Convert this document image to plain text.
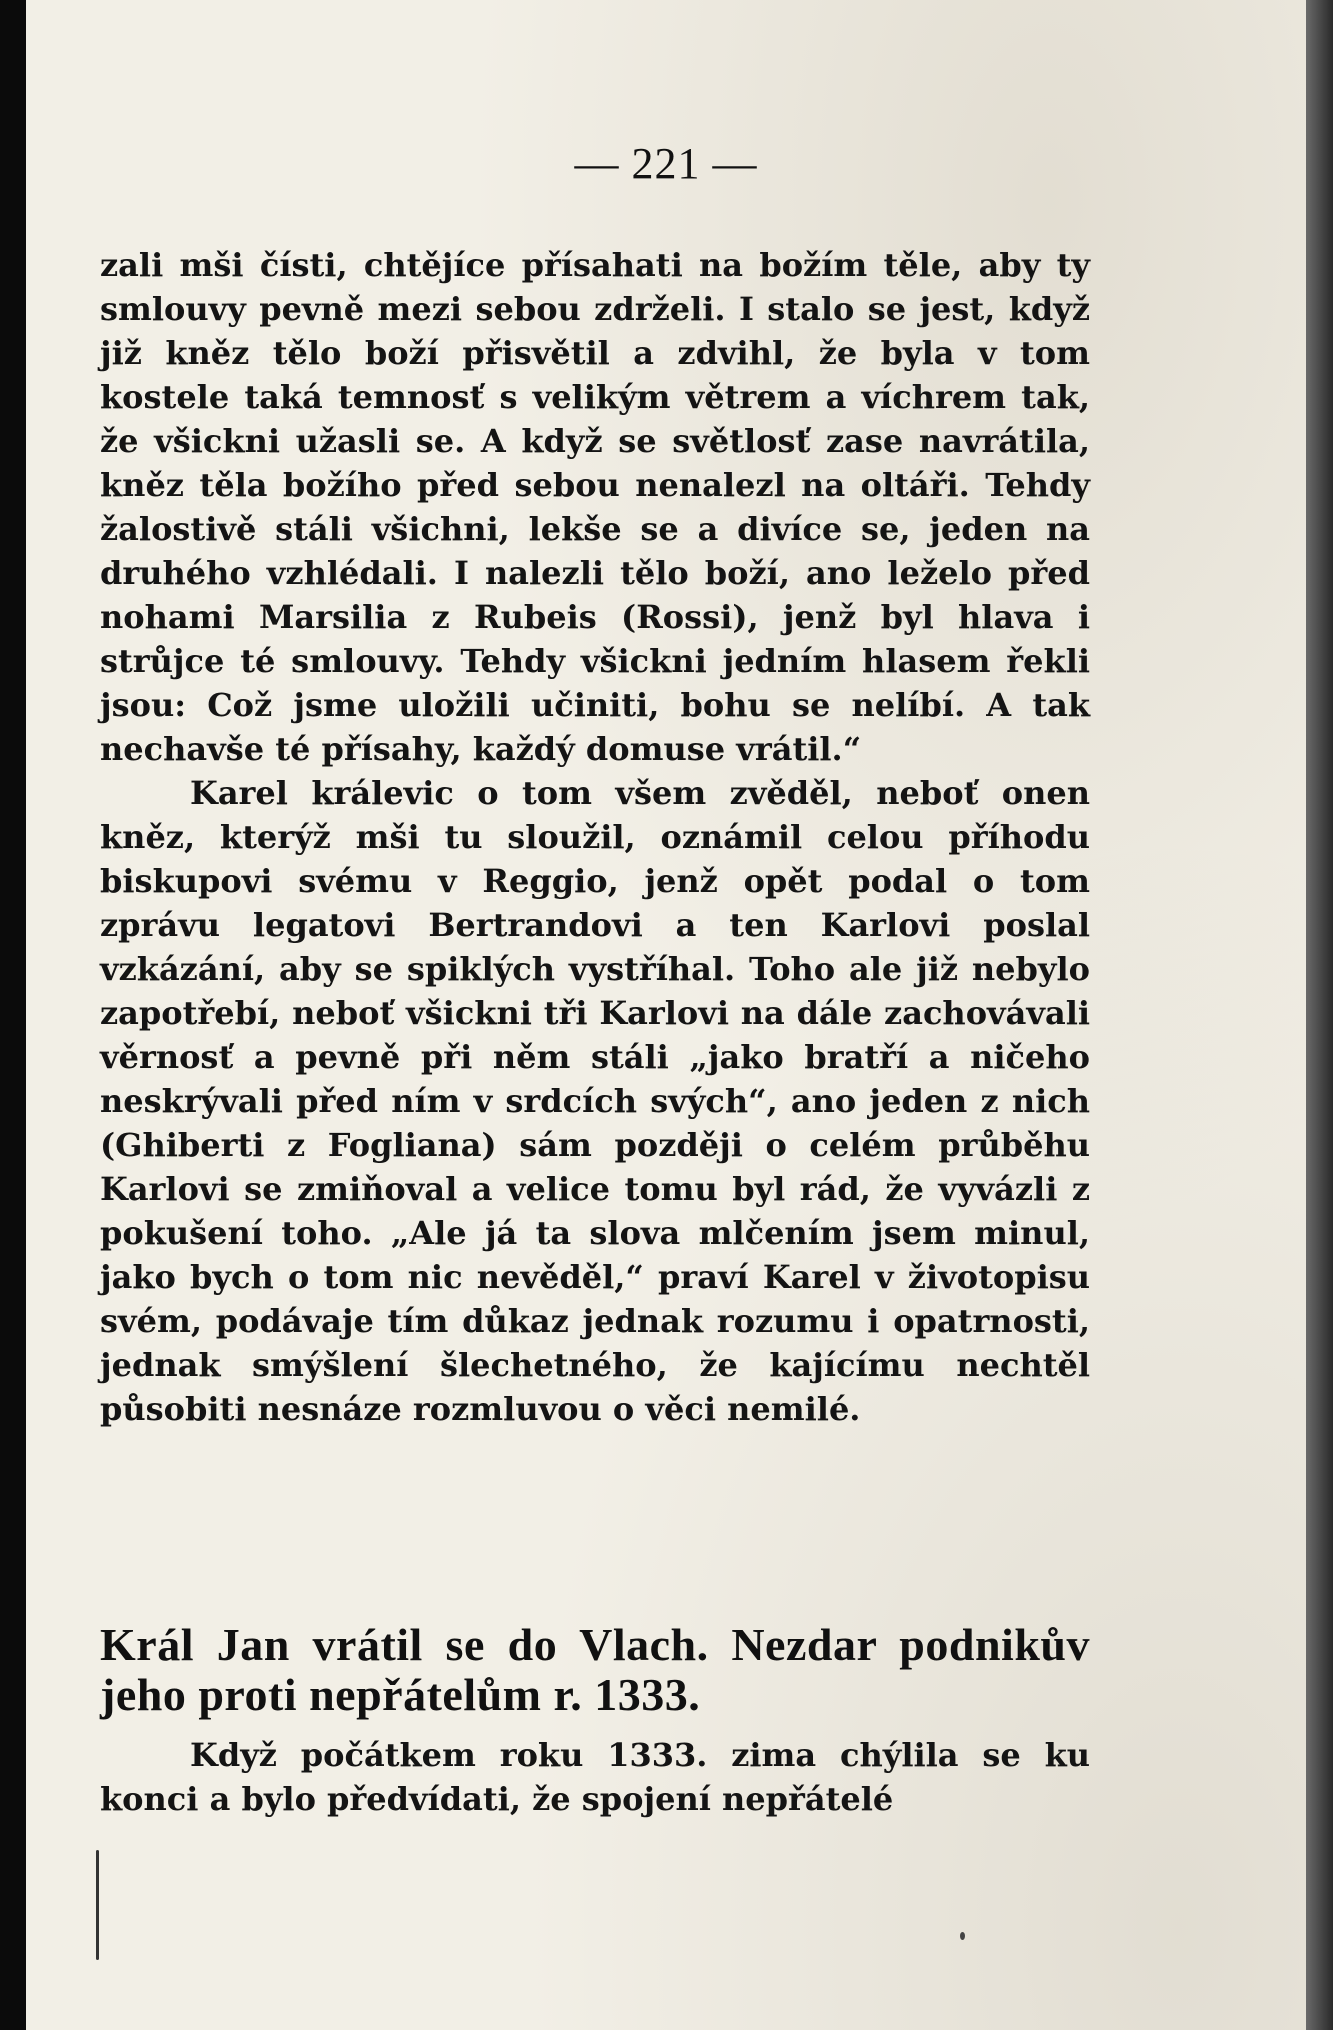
— 221 —

zali mši čísti, chtějíce přísahati na božím těle, aby ty smlouvy pevně mezi sebou zdrželi. I stalo se jest, když již kněz tělo boží přisvětil a zdvihl, že byla v tom kostele taká temnosť s velikým větrem a víchrem tak, že všickni užasli se. A když se světlosť zase navrátila, kněz těla božího před sebou nenalezl na oltáři. Tehdy žalostivě stáli všichni, lekše se a divíce se, jeden na druhého vzhlédali. I nalezli tělo boží, ano leželo před nohami Marsilia z Rubeis (Rossi), jenž byl hlava i strůjce té smlouvy. Tehdy všickni jedním hlasem řekli jsou: Což jsme uložili učiniti, bohu se nelíbí. A tak nechavše té přísahy, každý domuse vrátil.“

Karel králevic o tom všem zvěděl, neboť onen kněz, kterýž mši tu sloužil, oznámil celou příhodu biskupovi svému v Reggio, jenž opět podal o tom zprávu legatovi Bertrandovi a ten Karlovi poslal vzkázání, aby se spiklých vystříhal. Toho ale již nebylo zapotřebí, neboť všickni tři Karlovi na dále zachovávali věrnosť a pevně při něm stáli „jako bratří a ničeho neskrývali před ním v srdcích svých“, ano jeden z nich (Ghiberti z Fogliana) sám později o celém průběhu Karlovi se zmiňoval a velice tomu byl rád, že vyvázli z pokušení toho. „Ale já ta slova mlčením jsem minul, jako bych o tom nic nevěděl,“ praví Karel v životopisu svém, podávaje tím důkaz jednak rozumu i opatrnosti, jednak smýšlení šlechetného, že kajícímu nechtěl působiti nesnáze rozmluvou o věci nemilé.

Král Jan vrátil se do Vlach. Nezdar podnikův jeho proti nepřátelům r. 1333.

Když počátkem roku 1333. zima chýlila se ku konci a bylo předvídati, že spojení nepřátelé
